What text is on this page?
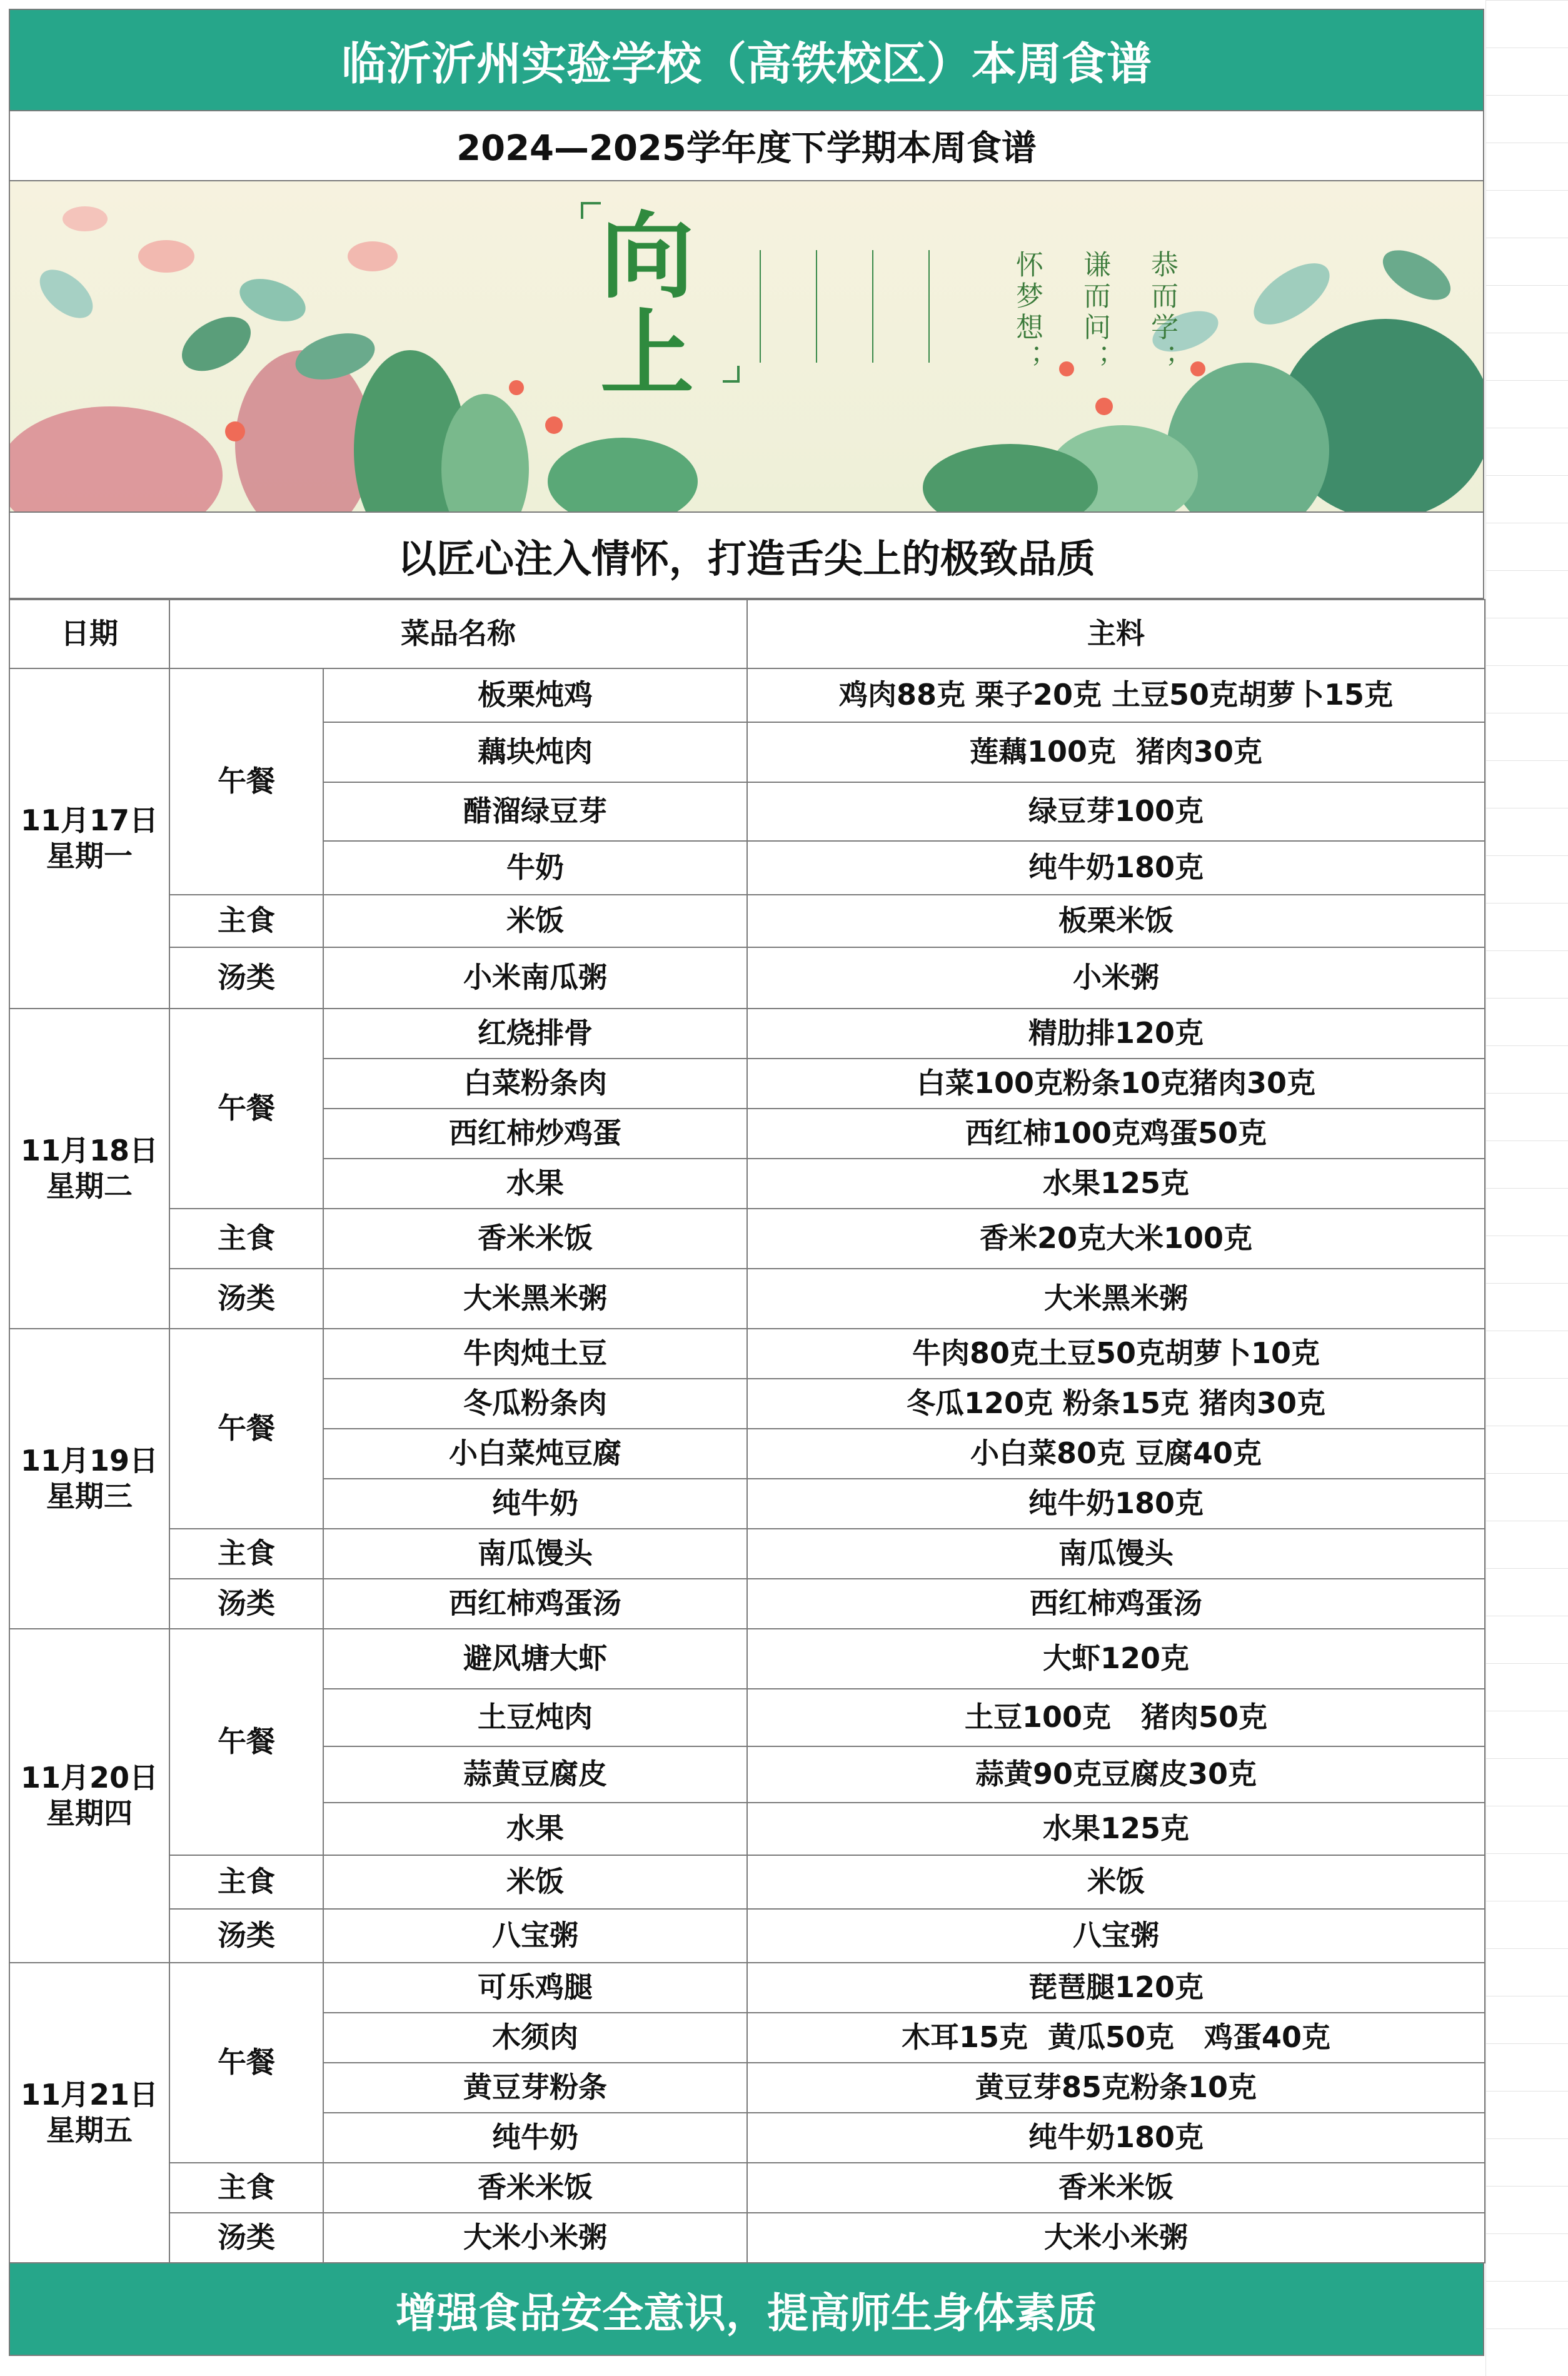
临沂沂州实验学校（高铁校区）本周食谱
2024—2025学年度下学期本周食谱
向上	恭而学；
谦而问；
怀梦想；
以匠心注入情怀，打造舌尖上的极致品质
日期	菜品名称		主料

11月17日
星期一	午餐	板栗炖鸡	鸡肉88克 栗子20克 土豆50克胡萝卜15克
		藕块炖肉	莲藕100克  猪肉30克
		醋溜绿豆芽	绿豆芽100克
		牛奶	纯牛奶180克
	主食	米饭	板栗米饭
	汤类	小米南瓜粥	小米粥

11月18日
星期二	午餐	红烧排骨	精肋排120克
		白菜粉条肉	白菜100克粉条10克猪肉30克
		西红柿炒鸡蛋	西红柿100克鸡蛋50克
		水果	水果125克
	主食	香米米饭	香米20克大米100克
	汤类	大米黑米粥	大米黑米粥

11月19日
星期三	午餐	牛肉炖土豆	牛肉80克土豆50克胡萝卜10克
		冬瓜粉条肉	冬瓜120克 粉条15克 猪肉30克
		小白菜炖豆腐	小白菜80克 豆腐40克
		纯牛奶	纯牛奶180克
	主食	南瓜馒头	南瓜馒头
	汤类	西红柿鸡蛋汤	西红柿鸡蛋汤

11月20日
星期四	午餐	避风塘大虾	大虾120克
		土豆炖肉	土豆100克   猪肉50克
		蒜黄豆腐皮	蒜黄90克豆腐皮30克
		水果	水果125克
	主食	米饭	米饭
	汤类	八宝粥	八宝粥

11月21日
星期五	午餐	可乐鸡腿	琵琶腿120克
		木须肉	木耳15克  黄瓜50克   鸡蛋40克
		黄豆芽粉条	黄豆芽85克粉条10克
		纯牛奶	纯牛奶180克
	主食	香米米饭	香米米饭
	汤类	大米小米粥	大米小米粥
增强食品安全意识，提高师生身体素质
